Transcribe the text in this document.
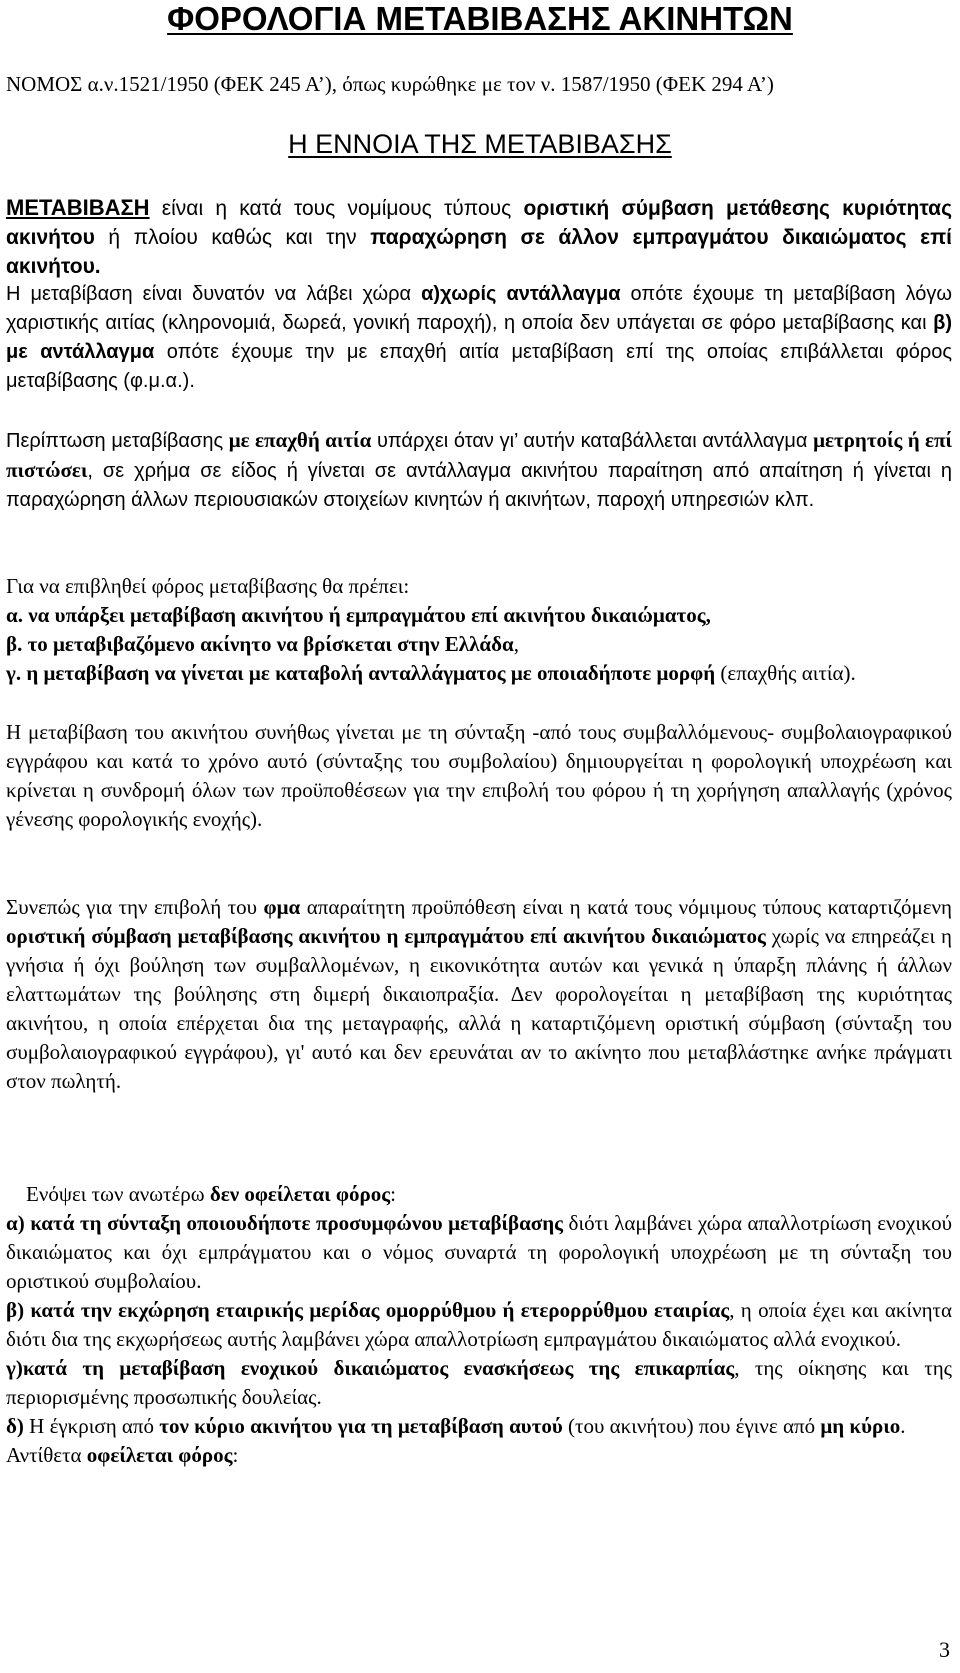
ΦΟΡΟΛΟΓΙΑ ΜΕΤΑΒΙΒΑΣΗΣ ΑΚΙΝΗΤΩΝ
ΝΟΜΟΣ α.ν.1521/1950 (ΦΕΚ 245 Α’), όπως κυρώθηκε με τον ν. 1587/1950 (ΦΕΚ 294 Α’)
Η ΕΝΝΟΙΑ ΤΗΣ ΜΕΤΑΒΙΒΑΣΗΣ

ΜΕΤΑΒΙΒΑΣΗ είναι η κατά τους νομίμους τύπους οριστική σύμβαση μετάθεσης κυριότητας ακινήτου ή πλοίου καθώς και την παραχώρηση σε άλλον εμπραγμάτου δικαιώματος επί ακινήτου.

Η μεταβίβαση είναι δυνατόν να λάβει χώρα α)χωρίς αντάλλαγμα οπότε έχουμε τη μεταβίβαση λόγω χαριστικής αιτίας (κληρονομιά, δωρεά, γονική παροχή), η οποία δεν υπάγεται σε φόρο μεταβίβασης και β) με αντάλλαγμα οπότε έχουμε την με επαχθή αιτία μεταβίβαση επί της οποίας επιβάλλεται φόρος μεταβίβασης (φ.μ.α.).

Περίπτωση μεταβίβασης με επαχθή αιτία υπάρχει όταν γι’ αυτήν καταβάλλεται αντάλλαγμα μετρητοίς ή επί πιστώσει, σε χρήμα σε είδος ή γίνεται σε αντάλλαγμα ακινήτου παραίτηση από απαίτηση ή γίνεται η παραχώρηση άλλων περιουσιακών στοιχείων κινητών ή ακινήτων, παροχή υπηρεσιών κλπ.

Για να επιβληθεί φόρος μεταβίβασης θα πρέπει:

α. να υπάρξει μεταβίβαση ακινήτου ή εμπραγμάτου επί ακινήτου δικαιώματος,

β. το μεταβιβαζόμενο ακίνητο να βρίσκεται στην Ελλάδα,

γ. η μεταβίβαση να γίνεται με καταβολή ανταλλάγματος με οποιαδήποτε μορφή (επαχθής αιτία).

Η μεταβίβαση του ακινήτου συνήθως γίνεται με τη σύνταξη -από τους συμβαλλόμενους- συμβολαιογραφικού εγγράφου και κατά το χρόνο αυτό (σύνταξης του συμβολαίου) δημιουργείται η φορολογική υποχρέωση και κρίνεται η συνδρομή όλων των προϋποθέσεων για την επιβολή του φόρου ή τη χορήγηση απαλλαγής (χρόνος γένεσης φορολογικής ενοχής).

Συνεπώς για την επιβολή του φμα απαραίτητη προϋπόθεση είναι η κατά τους νόμιμους τύπους καταρτιζόμενη οριστική σύμβαση μεταβίβασης ακινήτου η εμπραγμάτου επί ακινήτου δικαιώματος χωρίς να επηρεάζει η γνήσια ή όχι βούληση των συμβαλλομένων, η εικονικότητα αυτών και γενικά η ύπαρξη πλάνης ή άλλων ελαττωμάτων της βούλησης στη διμερή δικαιοπραξία. Δεν φορολογείται η μεταβίβαση της κυριότητας ακινήτου, η οποία επέρχεται δια της μεταγραφής, αλλά η καταρτιζόμενη οριστική σύμβαση (σύνταξη του συμβολαιογραφικού εγγράφου), γι' αυτό και δεν ερευνάται αν το ακίνητο που μεταβλάστηκε ανήκε πράγματι στον πωλητή.

Ενόψει των ανωτέρω δεν οφείλεται φόρος:

α) κατά τη σύνταξη οποιουδήποτε προσυμφώνου μεταβίβασης διότι λαμβάνει χώρα απαλλοτρίωση ενοχικού δικαιώματος και όχι εμπράγματου και ο νόμος συναρτά τη φορολογική υποχρέωση με τη σύνταξη του οριστικού συμβολαίου.

β) κατά την εκχώρηση εταιρικής μερίδας ομορρύθμου ή ετερορρύθμου εταιρίας, η οποία έχει και ακίνητα διότι δια της εκχωρήσεως αυτής λαμβάνει χώρα απαλλοτρίωση εμπραγμάτου δικαιώματος αλλά ενοχικού.

γ)κατά τη μεταβίβαση ενοχικού δικαιώματος ενασκήσεως της επικαρπίας, της οίκησης και της περιορισμένης προσωπικής δουλείας.

δ) Η έγκριση από τον κύριο ακινήτου για τη μεταβίβαση αυτού (του ακινήτου) που έγινε από μη κύριο.

Αντίθετα οφείλεται φόρος:

3
